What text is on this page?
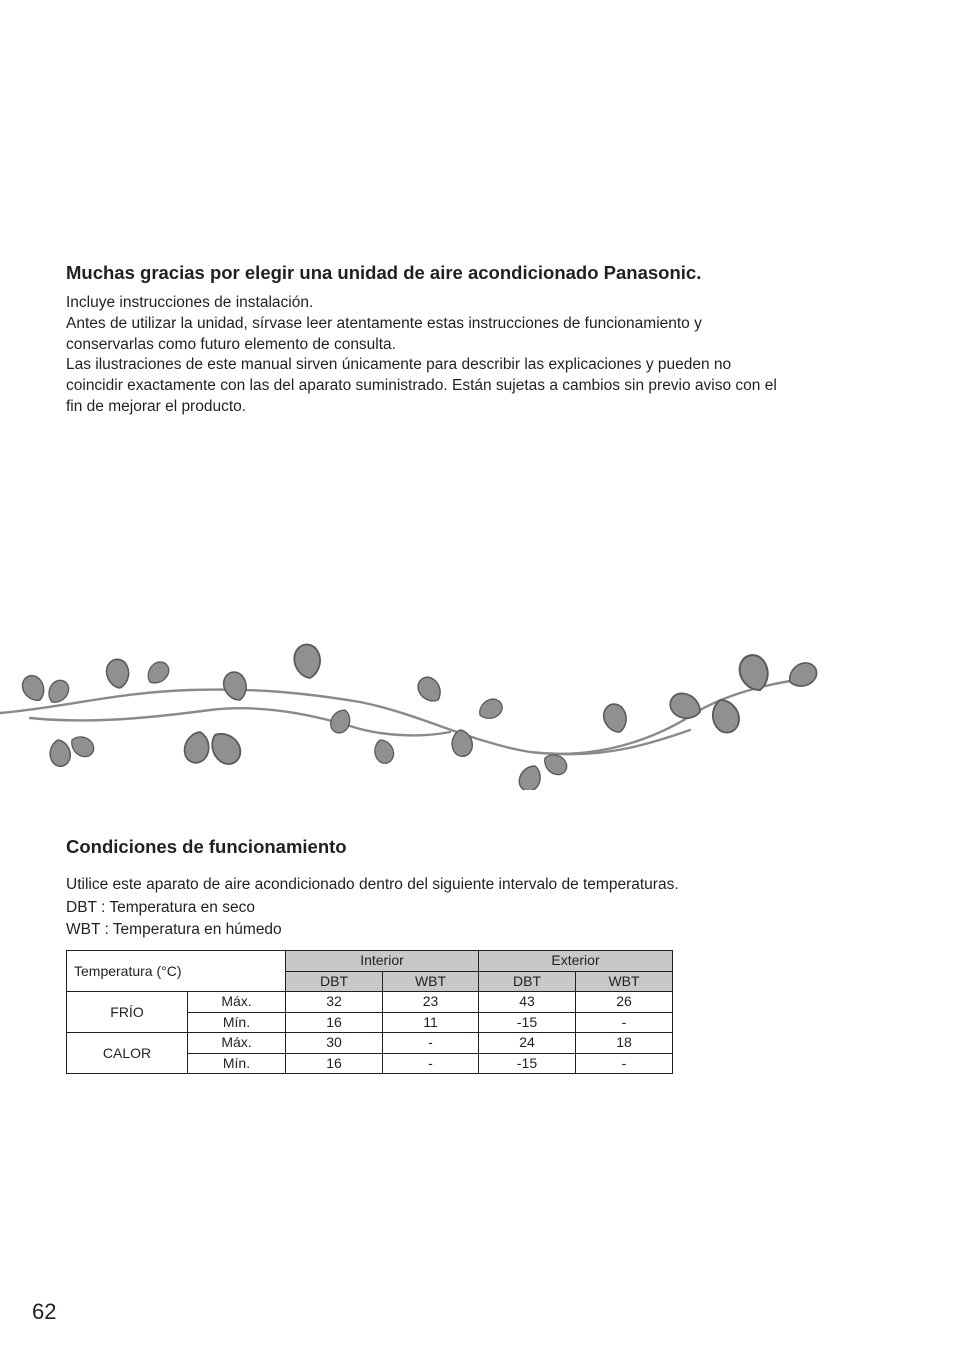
Muchas gracias por elegir una unidad de aire acondicionado Panasonic.

Incluye instrucciones de instalación.

Antes de utilizar la unidad, sírvase leer atentamente estas instrucciones de funcionamiento y

conservarlas como futuro elemento de consulta.

Las ilustraciones de este manual sirven únicamente para describir las explicaciones y pueden no

coincidir exactamente con las del aparato suministrado. Están sujetas a cambios sin previo aviso con el

fin de mejorar el producto.

Condiciones de funcionamiento

Utilice este aparato de aire acondicionado dentro del siguiente intervalo de temperaturas.

DBT : Temperatura en seco

WBT : Temperatura en húmedo

Temperatura (°C)		Interior		Exterior	
		DBT	WBT	DBT	WBT
FRÍO	Máx.	32	23	43	26
	Mín.	16	11	-15	-
CALOR	Máx.	30	-	24	18
	Mín.	16	-	-15	-
62
